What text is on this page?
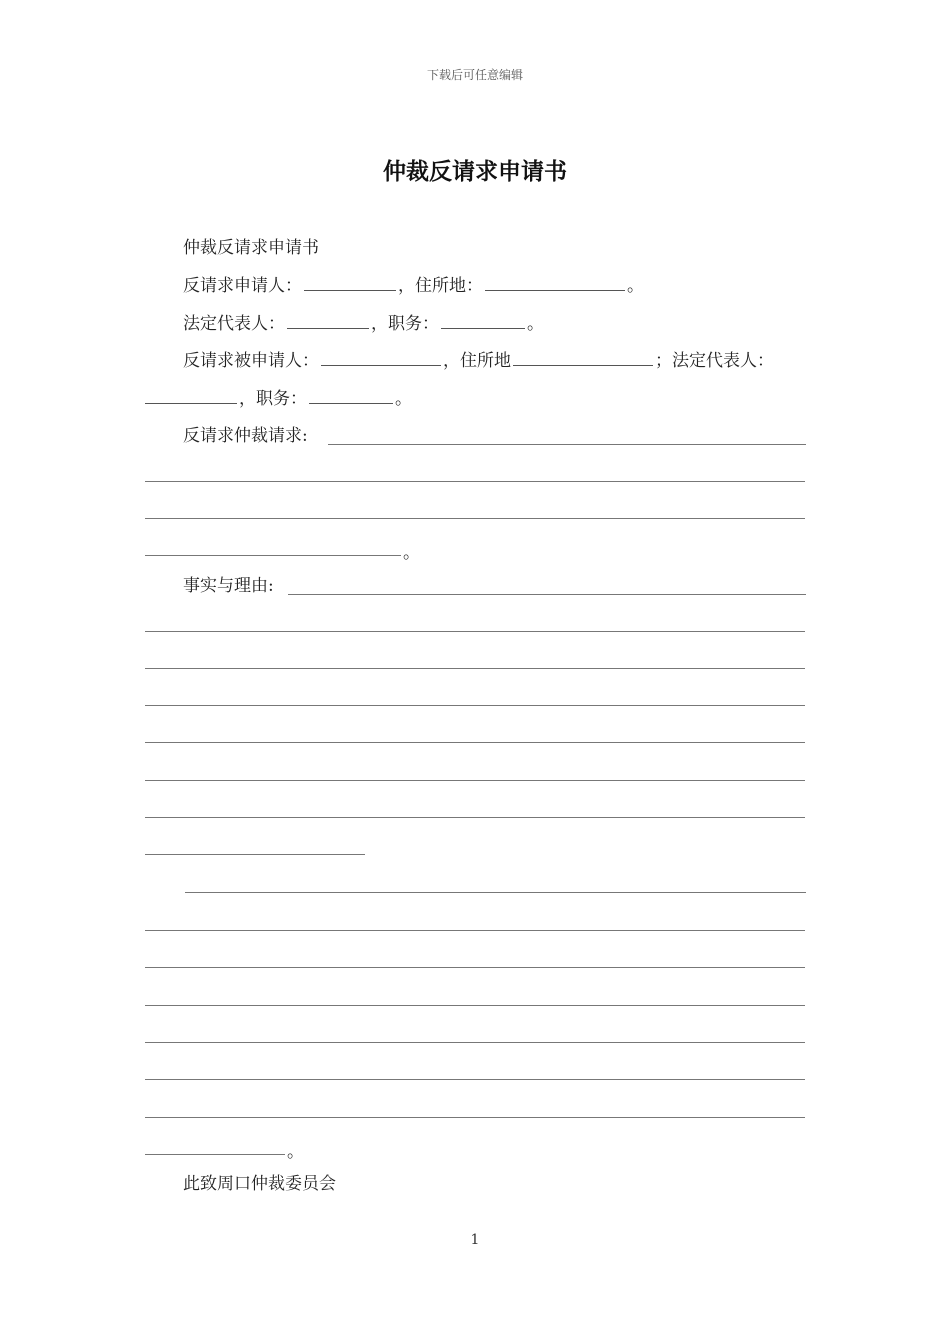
下载后可任意编辑
仲裁反请求申请书
仲裁反请求申请书
反请求申请人：	，住所地：	。
法定代表人：	，职务：	。
反请求被申请人：	，住所地	；法定代表人：
，职务：	。
反请求仲裁请求:
。
事实与理由:
。
此致周口仲裁委员会
1
